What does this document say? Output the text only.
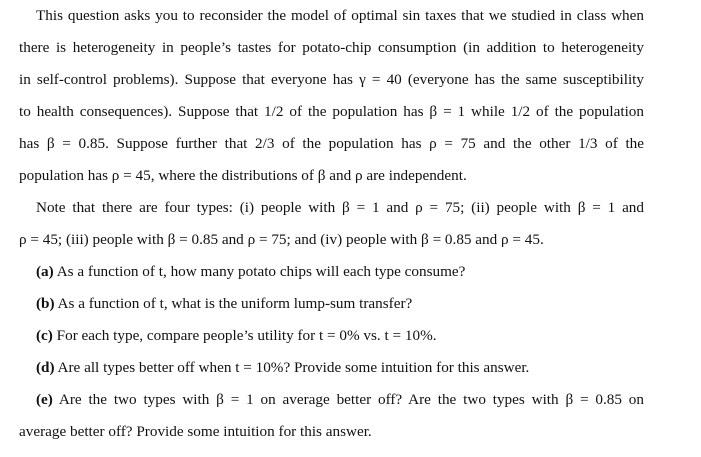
This question asks you to reconsider the model of optimal sin taxes that we studied in class when
there is heterogeneity in people’s tastes for potato-chip consumption (in addition to heterogeneity
in self-control problems). Suppose that everyone has γ = 40 (everyone has the same susceptibility
to health consequences). Suppose that 1/2 of the population has β = 1 while 1/2 of the population
has β = 0.85. Suppose further that 2/3 of the population has ρ = 75 and the other 1/3 of the
population has ρ = 45, where the distributions of β and ρ are independent.
Note that there are four types: (i) people with β = 1 and ρ = 75; (ii) people with β = 1 and
ρ = 45; (iii) people with β = 0.85 and ρ = 75; and (iv) people with β = 0.85 and ρ = 45.
(a) As a function of t, how many potato chips will each type consume?
(b) As a function of t, what is the uniform lump-sum transfer?
(c) For each type, compare people’s utility for t = 0% vs. t = 10%.
(d) Are all types better off when t = 10%? Provide some intuition for this answer.
(e) Are the two types with β = 1 on average better off? Are the two types with β = 0.85 on
average better off? Provide some intuition for this answer.
